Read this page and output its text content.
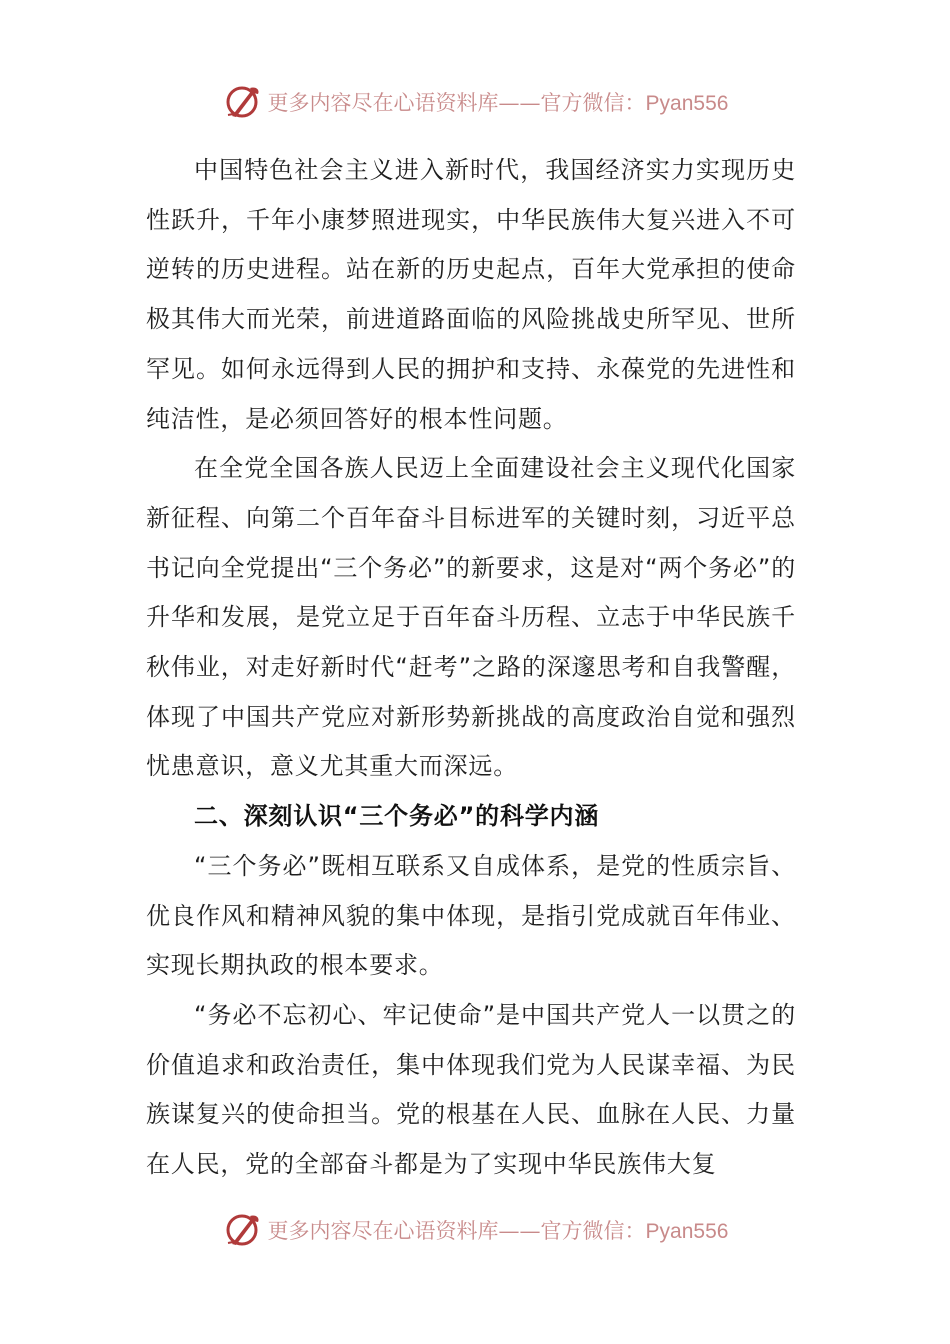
更多内容尽在心语资料库——官方微信：Pyan556

中国特色社会主义进入新时代，我国经济实力实现历史性跃升，千年小康梦照进现实，中华民族伟大复兴进入不可逆转的历史进程。站在新的历史起点，百年大党承担的使命极其伟大而光荣，前进道路面临的风险挑战史所罕见、世所罕见。如何永远得到人民的拥护和支持、永葆党的先进性和纯洁性，是必须回答好的根本性问题。

在全党全国各族人民迈上全面建设社会主义现代化国家新征程、向第二个百年奋斗目标进军的关键时刻，习近平总书记向全党提出“三个务必”的新要求，这是对“两个务必”的升华和发展，是党立足于百年奋斗历程、立志于中华民族千秋伟业，对走好新时代“赶考”之路的深邃思考和自我警醒，体现了中国共产党应对新形势新挑战的高度政治自觉和强烈忧患意识，意义尤其重大而深远。

二、深刻认识“三个务必”的科学内涵

“三个务必”既相互联系又自成体系，是党的性质宗旨、优良作风和精神风貌的集中体现，是指引党成就百年伟业、实现长期执政的根本要求。

“务必不忘初心、牢记使命”是中国共产党人一以贯之的价值追求和政治责任，集中体现我们党为人民谋幸福、为民族谋复兴的使命担当。党的根基在人民、血脉在人民、力量在人民，党的全部奋斗都是为了实现中华民族伟大复

更多内容尽在心语资料库——官方微信：Pyan556
